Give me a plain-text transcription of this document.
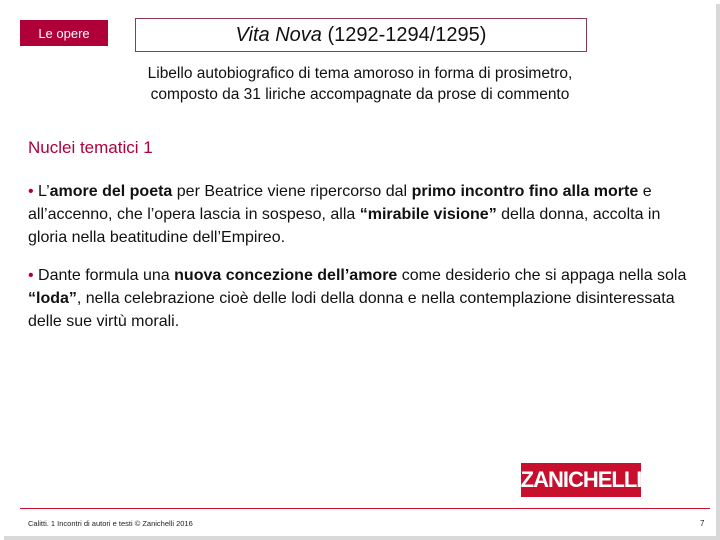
Le opere	Vita Nova (1292-1294/1295)
Libello autobiografico di tema amoroso in forma di prosimetro,
composto da 31 liriche accompagnate da prose di commento
Nuclei tematici 1
• L’amore del poeta per Beatrice viene ripercorso dal primo incontro fino alla morte e all’accenno, che l’opera lascia in sospeso, alla “mirabile visione” della donna, accolta in gloria nella beatitudine dell’Empireo.
• Dante formula una nuova concezione dell’amore come desiderio che si appaga nella sola “loda”, nella celebrazione cioè delle lodi della donna e nella contemplazione disinteressata delle sue virtù morali.
ZANICHELLI
Calitti. 1 Incontri di autori e testi © Zanichelli 2016	7
